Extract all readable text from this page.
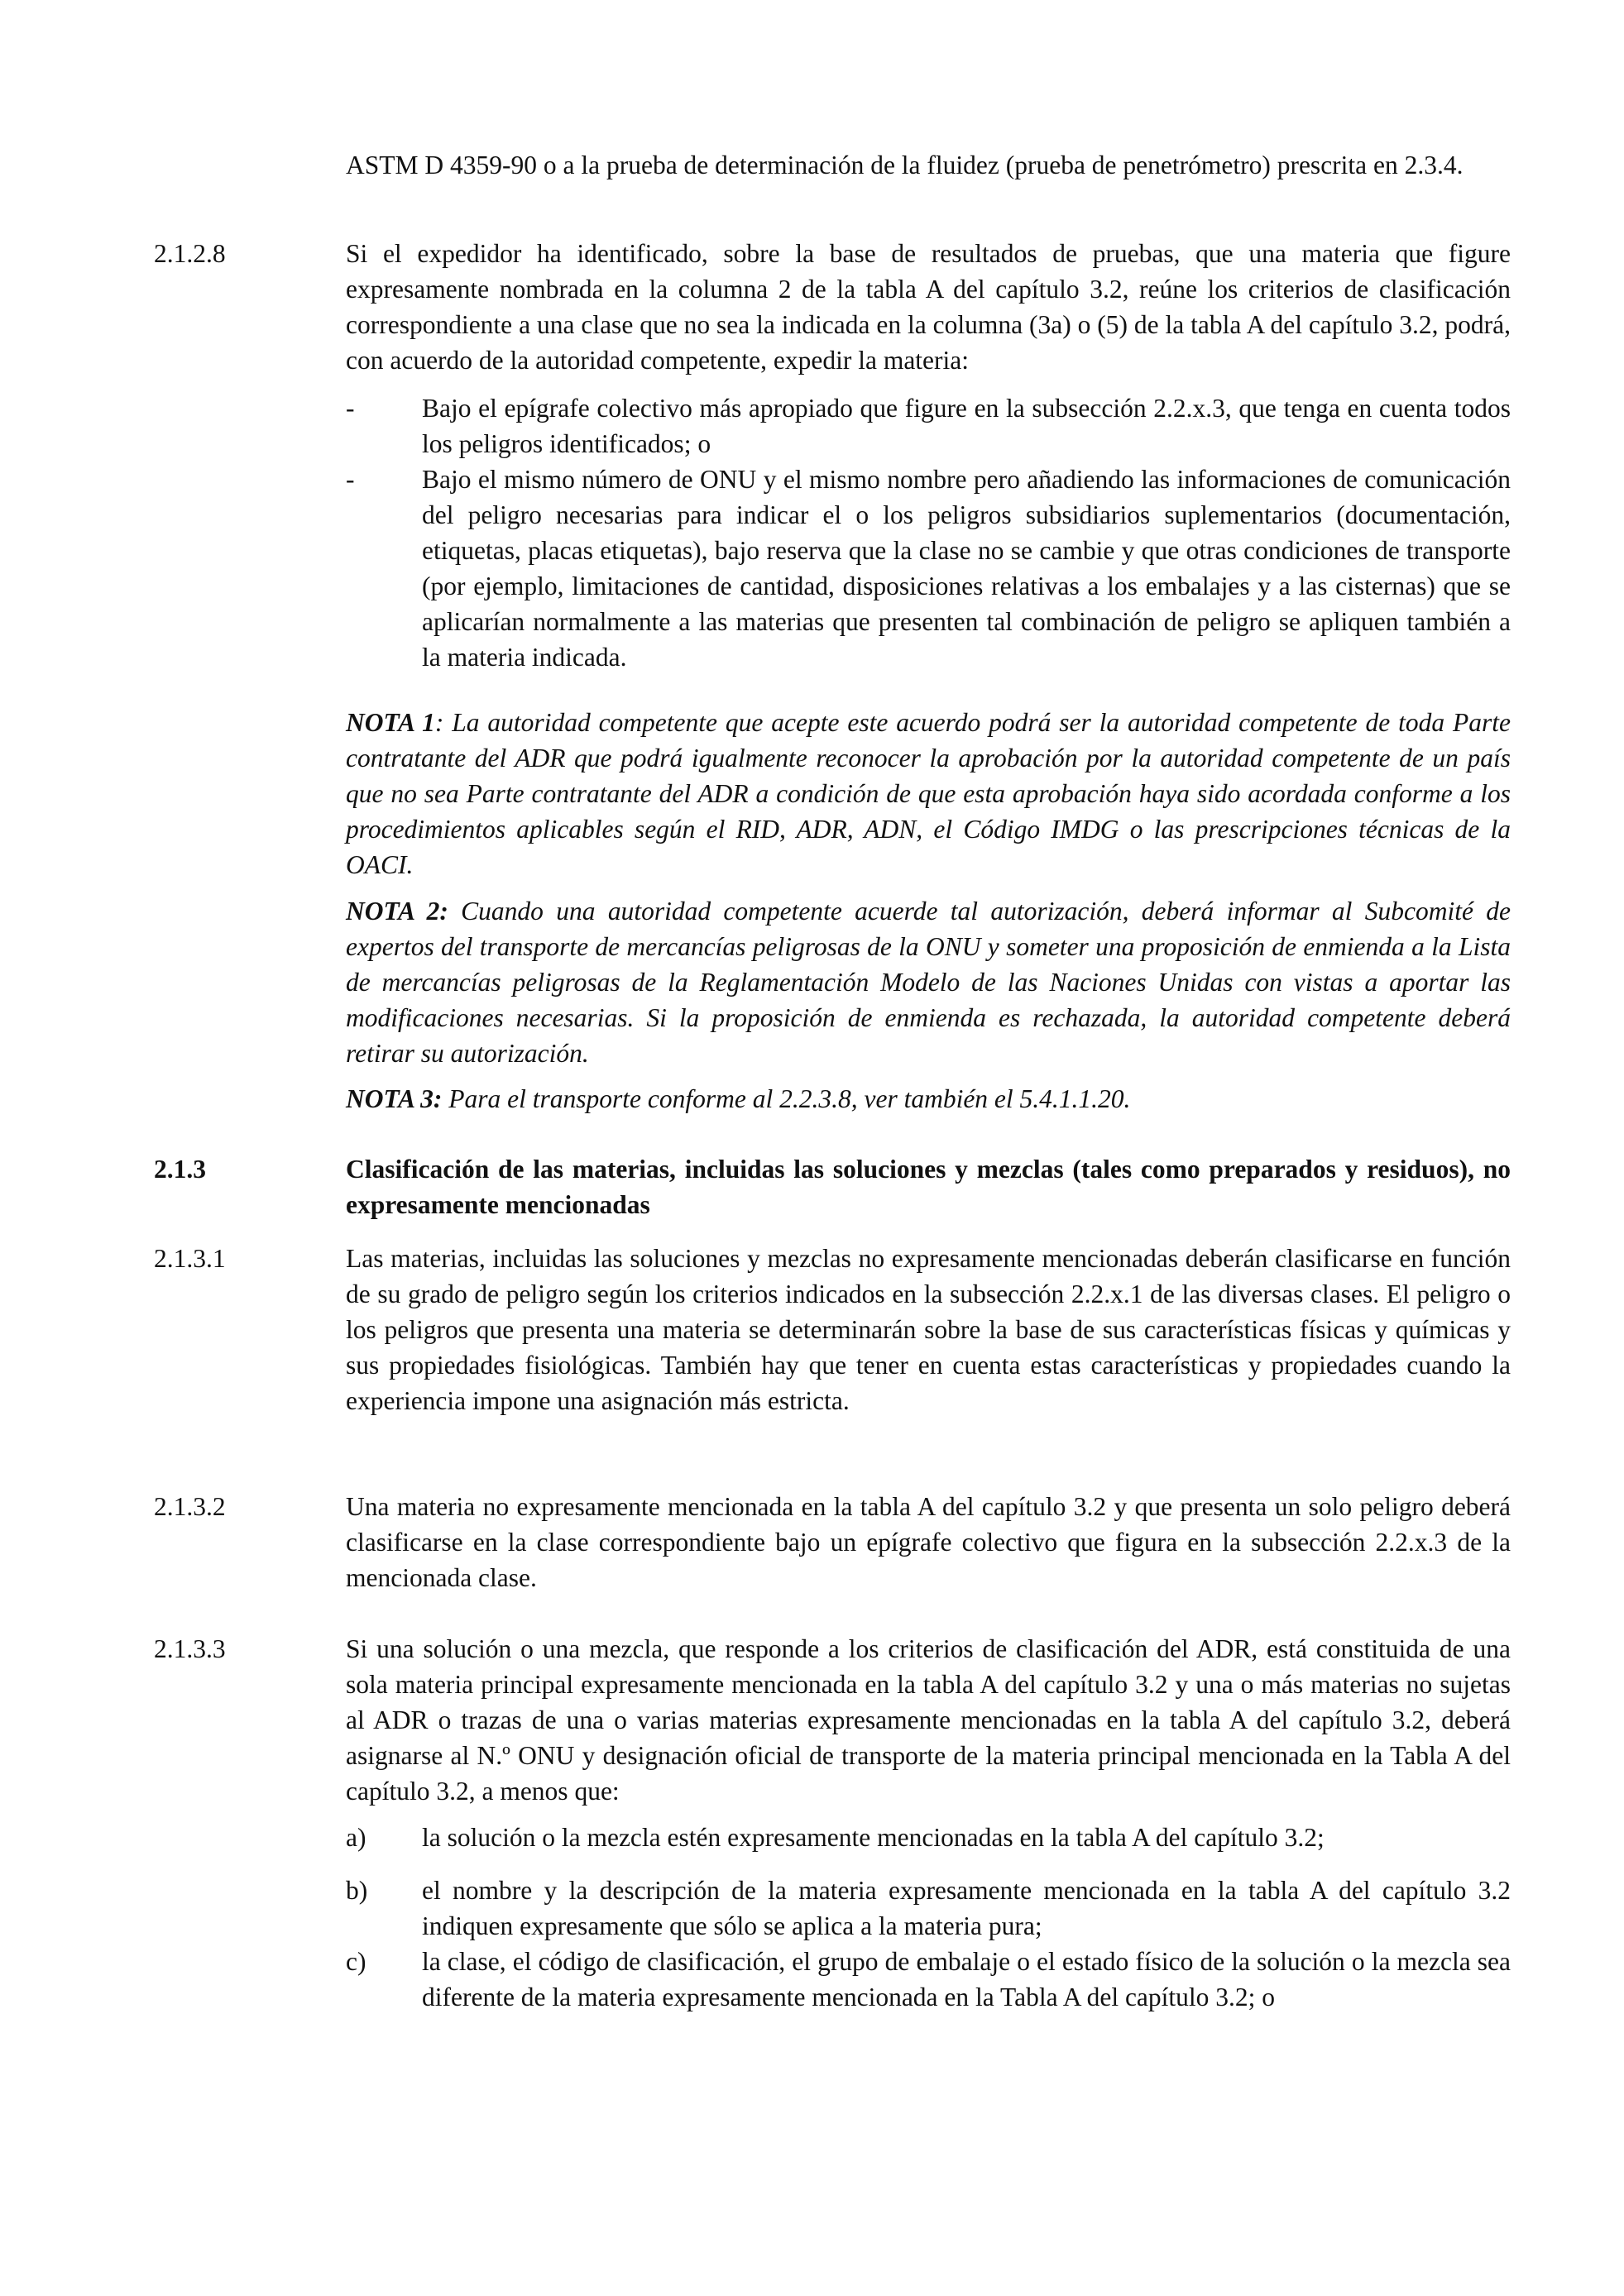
ASTM D 4359-90 o a la prueba de determinación de la fluidez (prueba de penetrómetro) prescrita en 2.3.4.
2.1.2.8	Si el expedidor ha identificado, sobre la base de resultados de pruebas, que una materia que figure expresamente nombrada en la columna 2 de la tabla A del capítulo 3.2, reúne los criterios de clasificación correspondiente a una clase que no sea la indicada en la columna (3a) o (5) de la tabla A del capítulo 3.2, podrá, con acuerdo de la autoridad competente, expedir la materia:
-	Bajo el epígrafe colectivo más apropiado que figure en la subsección 2.2.x.3, que tenga en cuenta todos los peligros identificados; o
-	Bajo el mismo número de ONU y el mismo nombre pero añadiendo las informaciones de comunicación del peligro necesarias para indicar el o los peligros subsidiarios suplementarios (documentación, etiquetas, placas etiquetas), bajo reserva que la clase no se cambie y que otras condiciones de transporte (por ejemplo, limitaciones de cantidad, disposiciones relativas a los embalajes y a las cisternas) que se aplicarían normalmente a las materias que presenten tal combinación de peligro se apliquen también a la materia indicada.
NOTA 1: La autoridad competente que acepte este acuerdo podrá ser la autoridad competente de toda Parte contratante del ADR que podrá igualmente reconocer la aprobación por la autoridad competente de un país que no sea Parte contratante del ADR a condición de que esta aprobación haya sido acordada conforme a los procedimientos aplicables según el RID, ADR, ADN, el Código IMDG o las prescripciones técnicas de la OACI.
NOTA 2: Cuando una autoridad competente acuerde tal autorización, deberá informar al Subcomité de expertos del transporte de mercancías peligrosas de la ONU y someter una proposición de enmienda a la Lista de mercancías peligrosas de la Reglamentación Modelo de las Naciones Unidas con vistas a aportar las modificaciones necesarias. Si la proposición de enmienda es rechazada, la autoridad competente deberá retirar su autorización.
NOTA 3: Para el transporte conforme al 2.2.3.8, ver también el 5.4.1.1.20.
2.1.3	Clasificación de las materias, incluidas las soluciones y mezclas (tales como preparados y residuos), no expresamente mencionadas
2.1.3.1	Las materias, incluidas las soluciones y mezclas no expresamente mencionadas deberán clasificarse en función de su grado de peligro según los criterios indicados en la subsección 2.2.x.1 de las diversas clases. El peligro o los peligros que presenta una materia se determinarán sobre la base de sus características físicas y químicas y sus propiedades fisiológicas. También hay que tener en cuenta estas características y propiedades cuando la experiencia impone una asignación más estricta.
2.1.3.2	Una materia no expresamente mencionada en la tabla A del capítulo 3.2 y que presenta un solo peligro deberá clasificarse en la clase correspondiente bajo un epígrafe colectivo que figura en la subsección 2.2.x.3 de la mencionada clase.
2.1.3.3	Si una solución o una mezcla, que responde a los criterios de clasificación del ADR, está constituida de una sola materia principal expresamente mencionada en la tabla A del capítulo 3.2 y una o más materias no sujetas al ADR o trazas de una o varias materias expresamente mencionadas en la tabla A del capítulo 3.2, deberá asignarse al N.º ONU y designación oficial de transporte de la materia principal mencionada en la Tabla A del capítulo 3.2, a menos que:
a) la solución o la mezcla estén expresamente mencionadas en la tabla A del capítulo 3.2;
b) el nombre y la descripción de la materia expresamente mencionada en la tabla A del capítulo 3.2 indiquen expresamente que sólo se aplica a la materia pura;
c) la clase, el código de clasificación, el grupo de embalaje o el estado físico de la solución o la mezcla sea diferente de la materia expresamente mencionada en la Tabla A del capítulo 3.2; o
